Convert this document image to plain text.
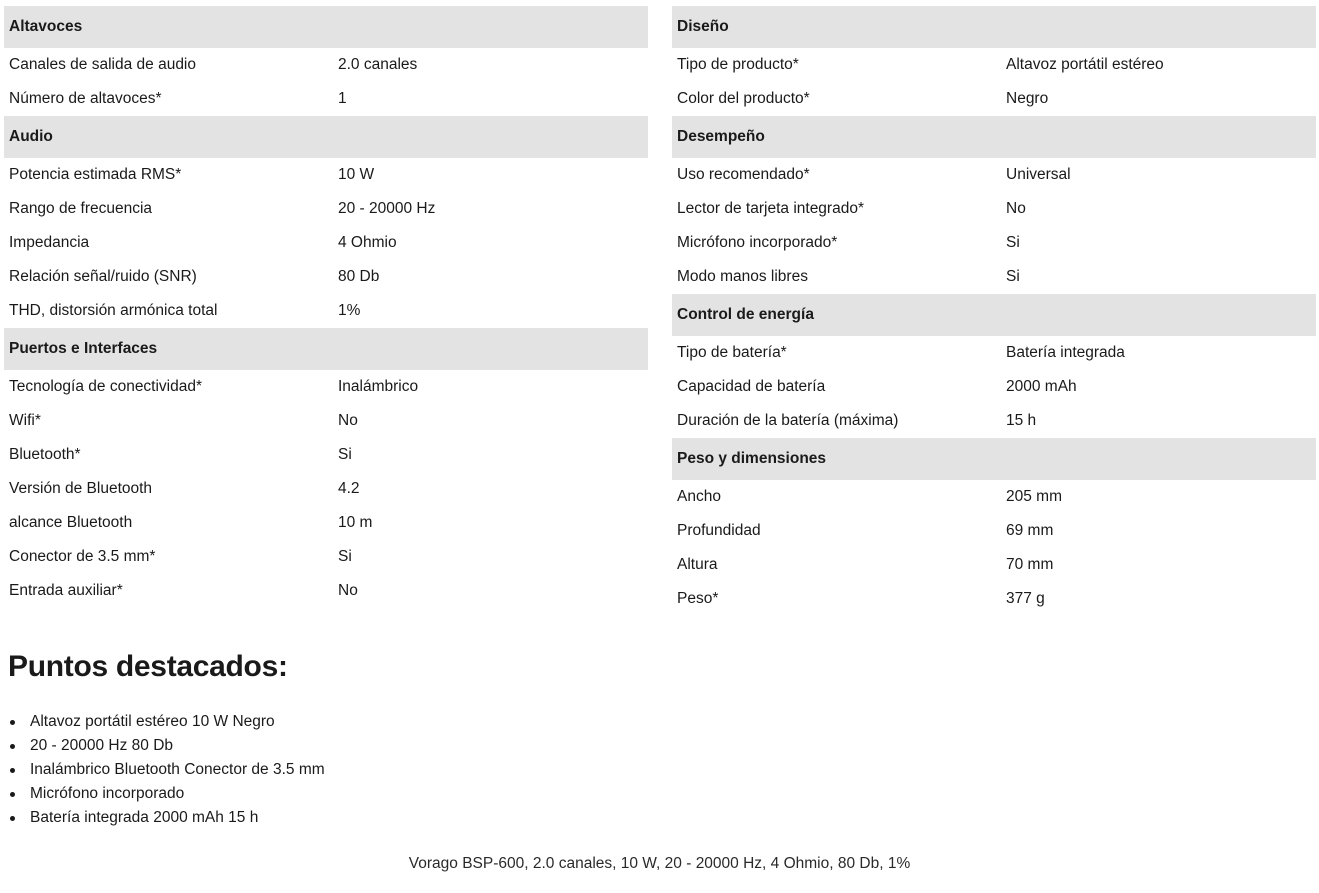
Altavoces
Canales de salida de audio	2.0 canales
Número de altavoces*	1
Audio
Potencia estimada RMS*	10 W
Rango de frecuencia	20 - 20000 Hz
Impedancia	4 Ohmio
Relación señal/ruido (SNR)	80 Db
THD, distorsión armónica total	1%
Puertos e Interfaces
Tecnología de conectividad*	Inalámbrico
Wifi*	No
Bluetooth*	Si
Versión de Bluetooth	4.2
alcance Bluetooth	10 m
Conector de 3.5 mm*	Si
Entrada auxiliar*	No
Diseño
Tipo de producto*	Altavoz portátil estéreo
Color del producto*	Negro
Desempeño
Uso recomendado*	Universal
Lector de tarjeta integrado*	No
Micrófono incorporado*	Si
Modo manos libres	Si
Control de energía
Tipo de batería*	Batería integrada
Capacidad de batería	2000 mAh
Duración de la batería (máxima)	15 h
Peso y dimensiones
Ancho	205 mm
Profundidad	69 mm
Altura	70 mm
Peso*	377 g
Puntos destacados:
Altavoz portátil estéreo 10 W Negro
20 - 20000 Hz 80 Db
Inalámbrico Bluetooth Conector de 3.5 mm
Micrófono incorporado
Batería integrada 2000 mAh 15 h
Vorago BSP-600, 2.0 canales, 10 W, 20 - 20000 Hz, 4 Ohmio, 80 Db, 1%
